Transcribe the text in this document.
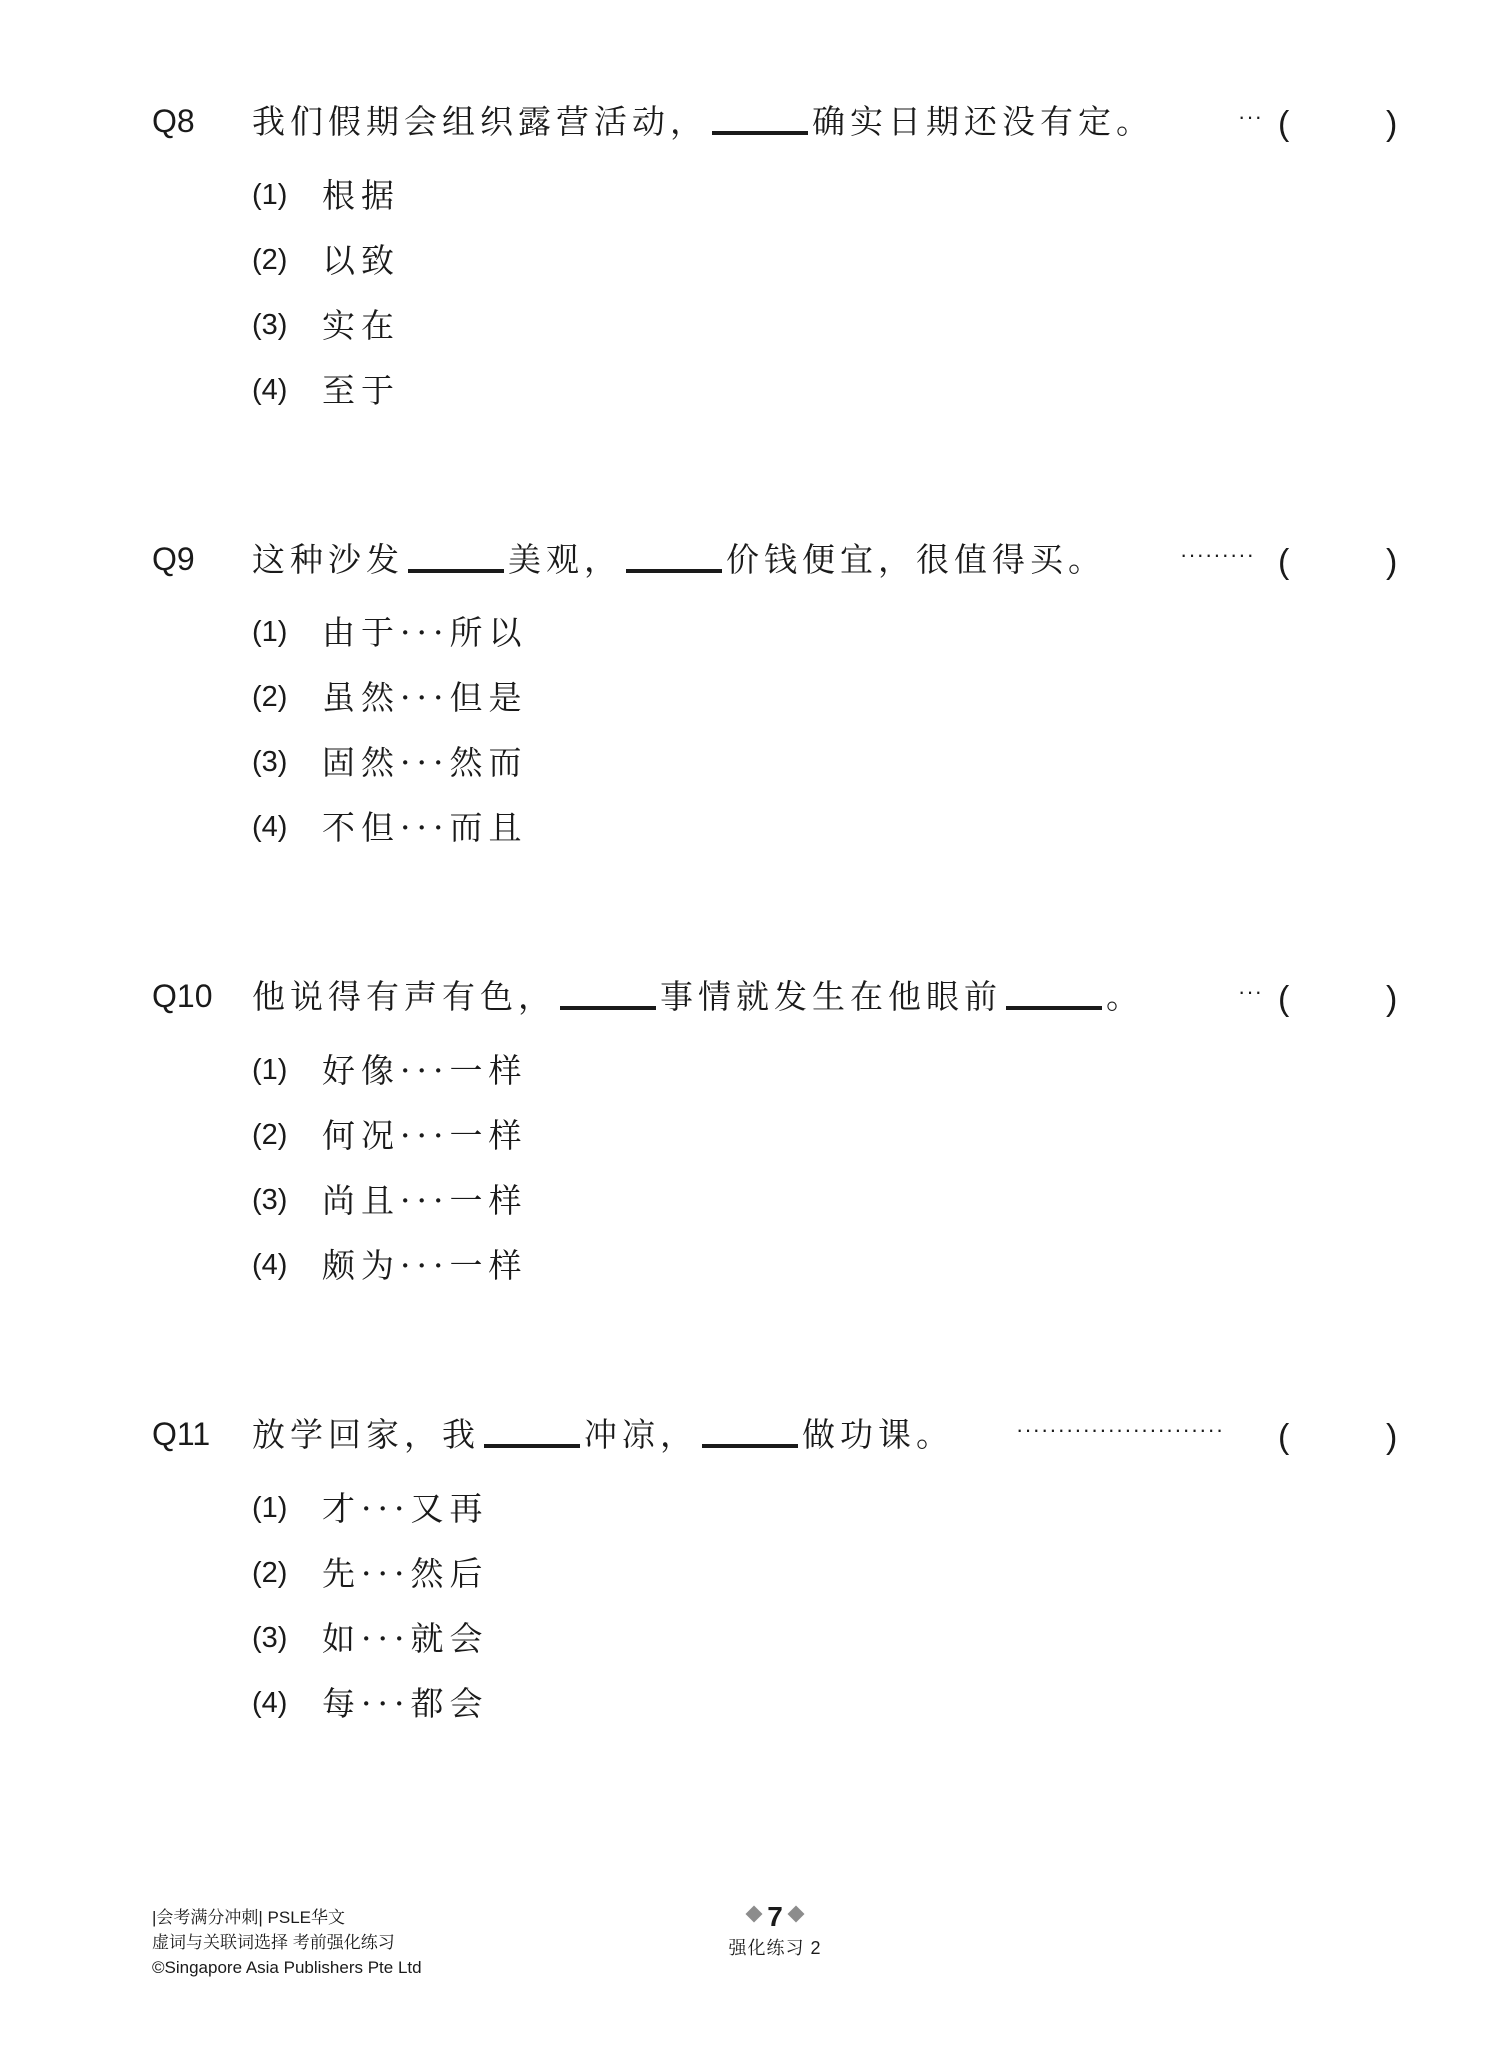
Q8 我们假期会组织露营活动，	确实日期还没有定。	··· (	)
(1) 根据
(2) 以致
(3) 实在
(4) 至于
Q9 这种沙发	美观，	价钱便宜，很值得买。	········· (	)
(1) 由于···所以
(2) 虽然···但是
(3) 固然···然而
(4) 不但···而且
Q10 他说得有声有色，	事情就发生在他眼前	。	··· (	)
(1) 好像···一样
(2) 何况···一样
(3) 尚且···一样
(4) 颇为···一样
Q11 放学回家，我	冲凉，	做功课。	························· (	)
(1) 才···又再
(2) 先···然后
(3) 如···就会
(4) 每···都会
|会考满分冲刺| PSLE华文
虚词与关联词选择 考前强化练习
©Singapore Asia Publishers Pte Ltd
7
强化练习 2
